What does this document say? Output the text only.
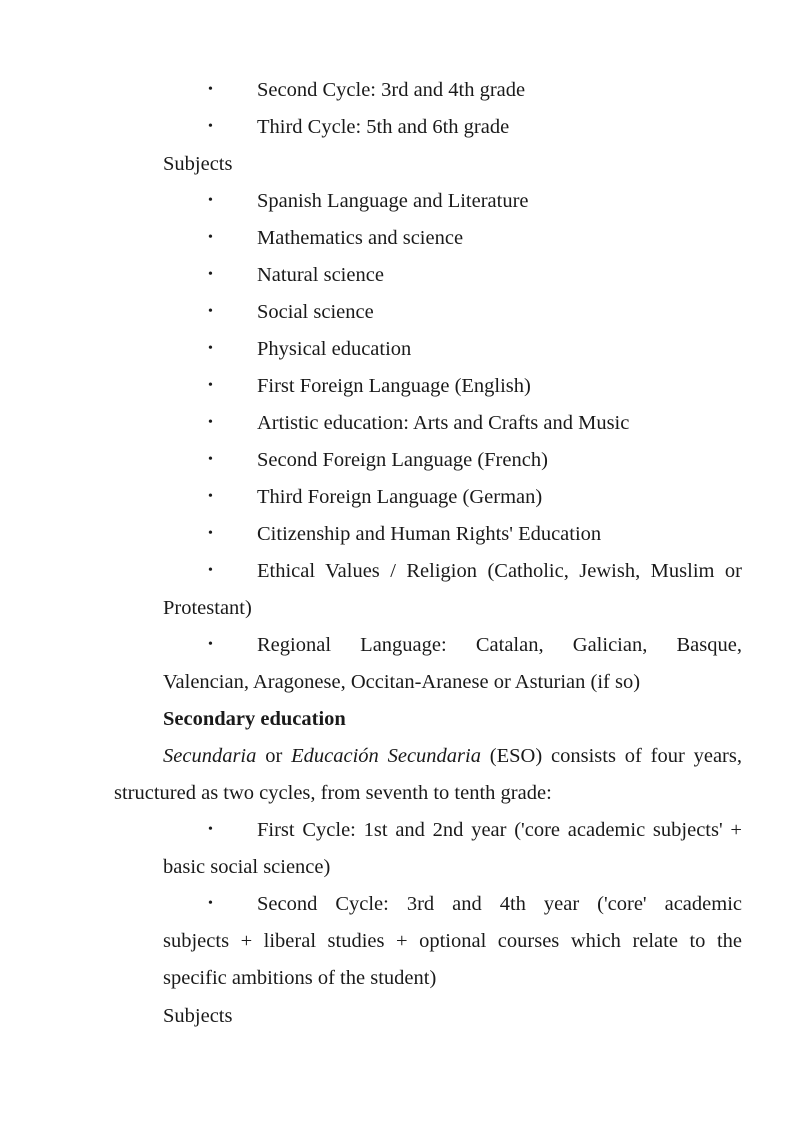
• Second Cycle: 3rd and 4th grade
• Third Cycle: 5th and 6th grade
Subjects
• Spanish Language and Literature
• Mathematics and science
• Natural science
• Social science
• Physical education
• First Foreign Language (English)
• Artistic education: Arts and Crafts and Music
• Second Foreign Language (French)
• Third Foreign Language (German)
• Citizenship and Human Rights' Education
• Ethical Values / Religion (Catholic, Jewish, Muslim or
Protestant)
• Regional Language: Catalan, Galician, Basque,
Valencian, Aragonese, Occitan-Aranese or Asturian (if so)
Secondary education
Secundaria or Educación Secundaria (ESO) consists of four years,
structured as two cycles, from seventh to tenth grade:
• First Cycle: 1st and 2nd year ('core academic subjects' +
basic social science)
• Second Cycle: 3rd and 4th year ('core' academic
subjects + liberal studies + optional courses which relate to the
specific ambitions of the student)
Subjects
